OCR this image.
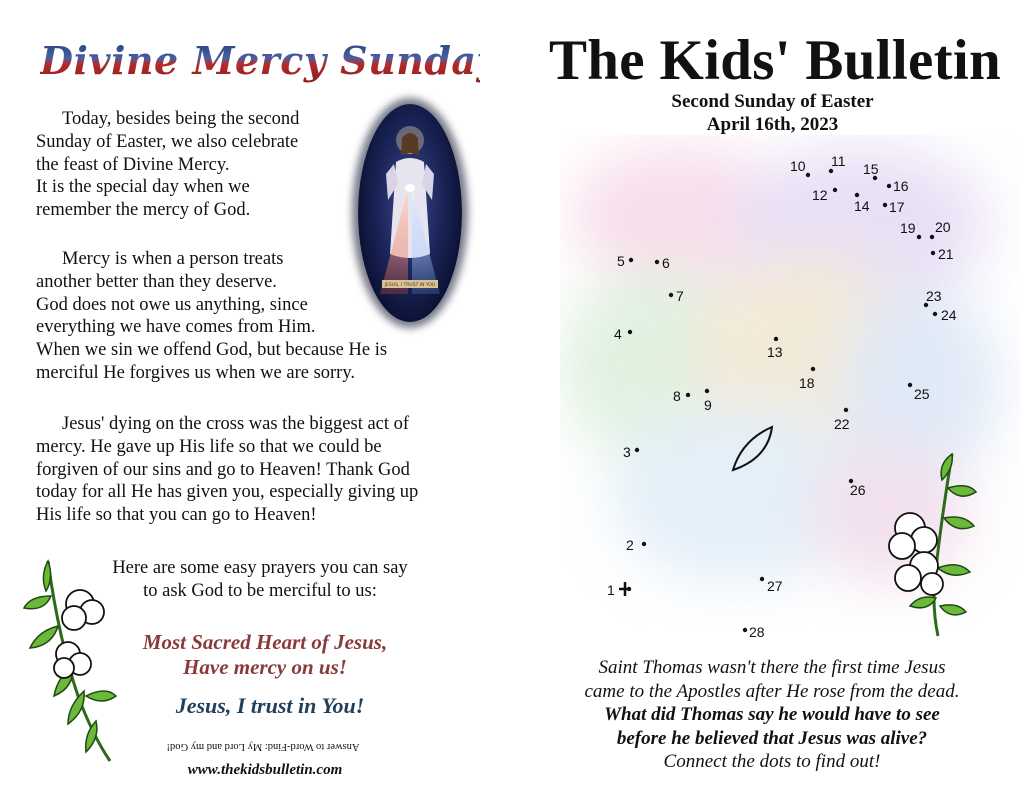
Divine Mercy Sunday
JESUS, I TRUST IN YOU
Today, besides being the second
Sunday of Easter, we also celebrate
the feast of Divine Mercy.
It is the special day when we
remember the mercy of God.
Mercy is when a person treats
another better than they deserve.
God does not owe us anything, since
everything we have comes from Him.
When we sin we offend God, but because He is
merciful He forgives us when we are sorry.
Jesus' dying on the cross was the biggest act of
mercy. He gave up His life so that we could be
forgiven of our sins and go to Heaven! Thank God
today for all He has given you, especially giving up
His life so that you can go to Heaven!
Here are some easy prayers you can say
to ask God to be merciful to us:
Most Sacred Heart of Jesus,
Have mercy on us!
Jesus, I trust in You!
Answer to Word-Find: My Lord and my God!
www.thekidsbulletin.com
The Kids' Bulletin
Second Sunday of Easter
April 16th, 2023
1
2
3
4
5	6
7
8
9
10 11
12
13
14
15
16
17
18
19 20
21
22
23
24
25
26
27
28
Saint Thomas wasn't there the first time Jesus
came to the Apostles after He rose from the dead.
What did Thomas say he would have to see
before he believed that Jesus was alive?
Connect the dots to find out!
